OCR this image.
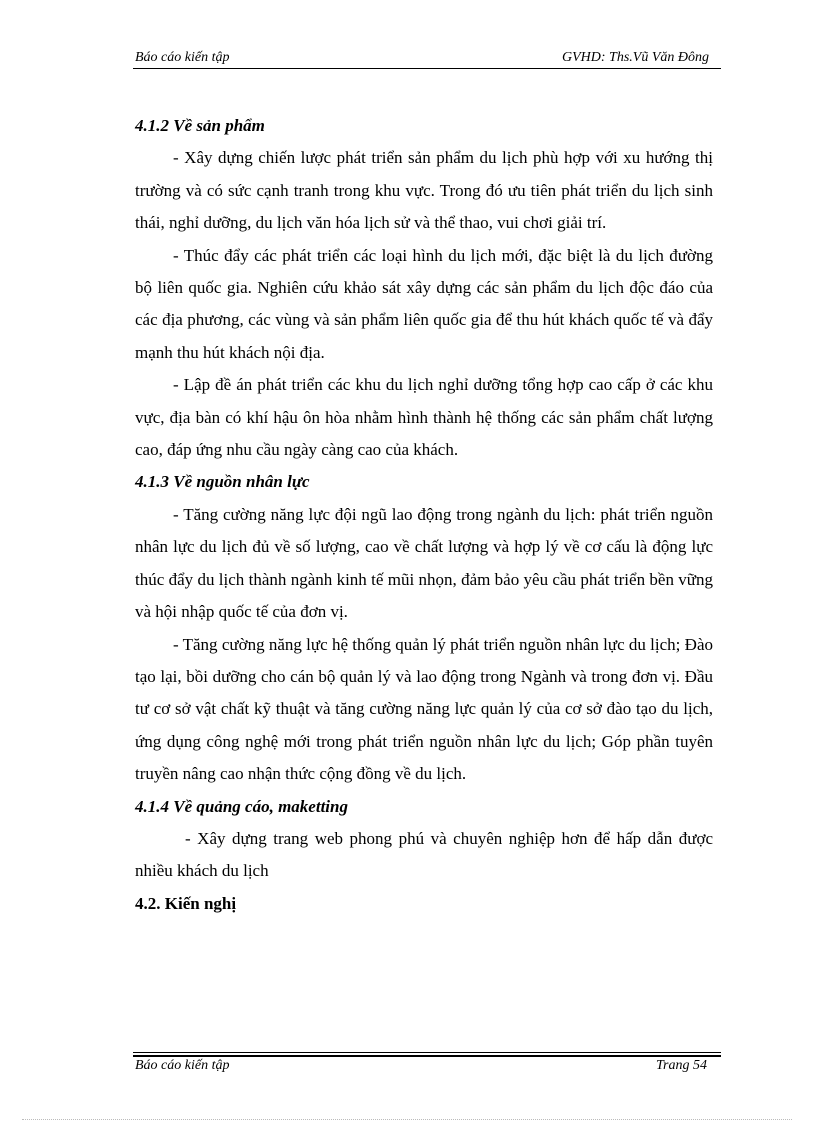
Báo cáo kiến tập	GVHD: Ths.Vũ Văn Đông

4.1.2 Về sản phẩm

- Xây dựng chiến lược phát triển sản phẩm du lịch phù hợp với xu hướng thị trường và có sức cạnh tranh trong khu vực. Trong đó ưu tiên phát triển du lịch sinh thái, nghỉ dưỡng, du lịch văn hóa lịch sử và thể thao, vui chơi giải trí.

- Thúc đẩy các phát triển các loại hình du lịch mới, đặc biệt là du lịch đường bộ liên quốc gia. Nghiên cứu khảo sát xây dựng các sản phẩm du lịch độc đáo của các địa phương, các vùng và sản phẩm liên quốc gia để thu hút khách quốc tế và đẩy mạnh thu hút khách nội địa.

- Lập đề án phát triển các khu du lịch nghỉ dưỡng tổng hợp cao cấp ở các khu vực, địa bàn có khí hậu ôn hòa nhằm hình thành hệ thống các sản phẩm chất lượng cao, đáp ứng nhu cầu ngày càng cao của khách.

4.1.3 Về nguồn nhân lực

- Tăng cường năng lực đội ngũ lao động trong ngành du lịch: phát triển nguồn nhân lực du lịch đủ về số lượng, cao về chất lượng và hợp lý về cơ cấu là động lực thúc đẩy du lịch thành ngành kinh tế mũi nhọn, đảm bảo yêu cầu phát triển bền vững và hội nhập quốc tế của đơn vị.

- Tăng cường năng lực hệ thống quản lý phát triển nguồn nhân lực du lịch; Đào tạo lại, bồi dưỡng cho cán bộ quản lý và lao động trong Ngành và trong đơn vị. Đầu tư cơ sở vật chất kỹ thuật và tăng cường năng lực quản lý của cơ sở đào tạo du lịch, ứng dụng công nghệ mới trong phát triển nguồn nhân lực du lịch; Góp phần tuyên truyền nâng cao nhận thức cộng đồng về du lịch.

4.1.4 Về quảng cáo, maketting

- Xây dựng trang web phong phú và chuyên nghiệp hơn để hấp dẫn được nhiều khách du lịch

4.2. Kiến nghị

Báo cáo kiến tập	Trang 54
